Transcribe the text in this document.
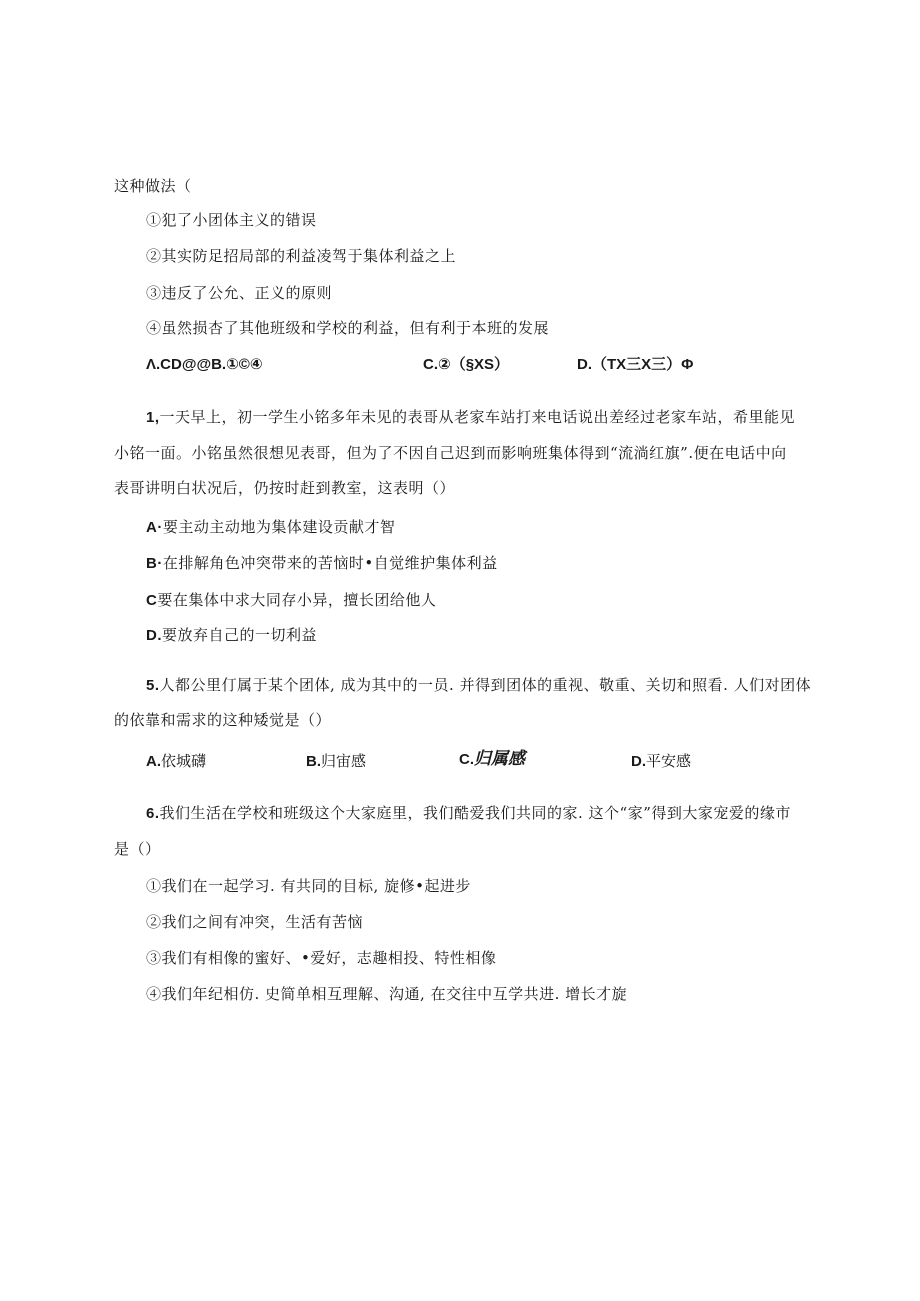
这种做法（
①犯了小团体主义的错误
②其实防足招局部的利益凌驾于集体利益之上
③违反了公允、正义的原则
④虽然损杏了其他班级和学校的利益，但有利于本班的发展
Λ.CD@@B.①©④	C.②（§XS）	D.（TX三X三）Φ
1,一天早上，初一学生小铭多年未见的表哥从老家车站打来电话说出差经过老家车站，希里能见
小铭一面。小铭虽然很想见表哥，但为了不因自己迟到而影响班集体得到“流淌红旗”.便在电话中向
表哥讲明白状况后，仍按时赶到教室，这表明（）
A·要主动主动地为集体建设贡献才智
B·在排解角色冲突带来的苦恼时•自觉维护集体利益
C要在集体中求大同存小异，擅长团给他人
D.要放弃自己的一切利益
5.人都公里仃属于某个团体, 成为其中的一员. 并得到团体的重视、敬重、关切和照看. 人们对团体
的依靠和需求的这种矮觉是（）
A.依城礴	B.归宙感	C.归属感	D.平安感
6.我们生活在学校和班级这个大家庭里，我们酷爱我们共同的家. 这个“家”得到大家宠爱的缘市
是（）
①我们在一起学习. 有共同的目标, 旋修•起进步
②我们之间有冲突，生活有苦恼
③我们有相像的蜜好、•爱好，志趣相投、特性相像
④我们年纪相仿. 史简单相互理解、沟通, 在交往中互学共进. 增长才旋
